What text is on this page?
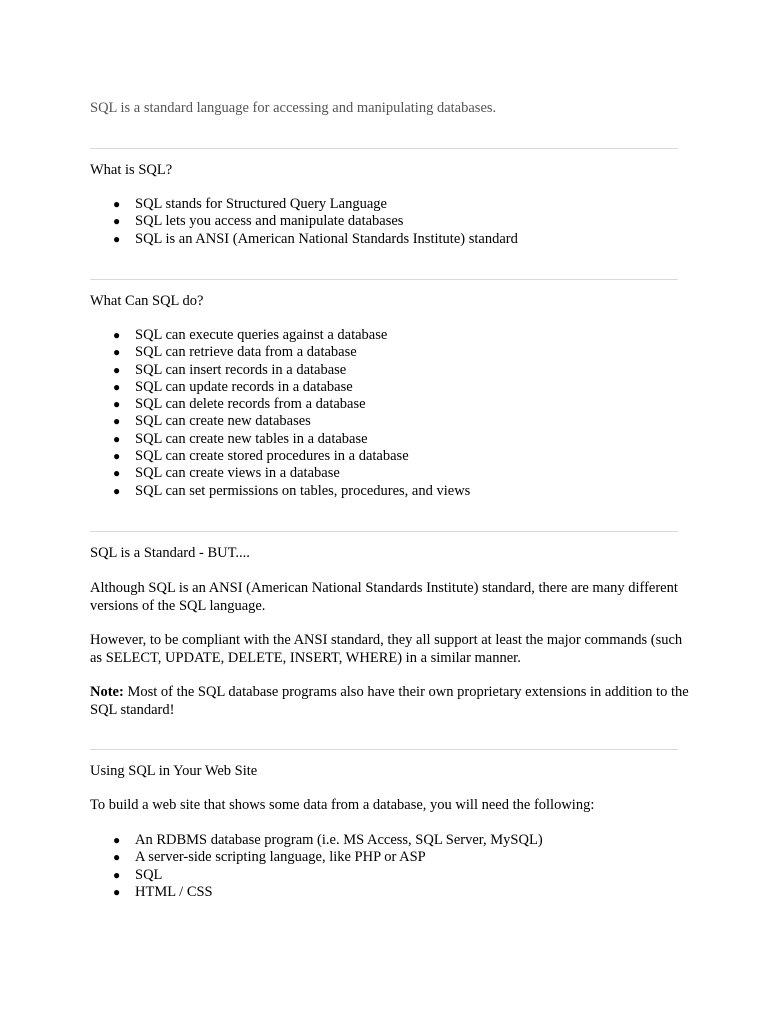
SQL is a standard language for accessing and manipulating databases.

What is SQL?
● SQL stands for Structured Query Language
● SQL lets you access and manipulate databases
● SQL is an ANSI (American National Standards Institute) standard
What Can SQL do?
● SQL can execute queries against a database
● SQL can retrieve data from a database
● SQL can insert records in a database
● SQL can update records in a database
● SQL can delete records from a database
● SQL can create new databases
● SQL can create new tables in a database
● SQL can create stored procedures in a database
● SQL can create views in a database
● SQL can set permissions on tables, procedures, and views
SQL is a Standard - BUT....

Although SQL is an ANSI (American National Standards Institute) standard, there are many different versions of the SQL language.

However, to be compliant with the ANSI standard, they all support at least the major commands (such as SELECT, UPDATE, DELETE, INSERT, WHERE) in a similar manner.

Note: Most of the SQL database programs also have their own proprietary extensions in addition to the SQL standard!

Using SQL in Your Web Site

To build a web site that shows some data from a database, you will need the following:

● An RDBMS database program (i.e. MS Access, SQL Server, MySQL)
● A server-side scripting language, like PHP or ASP
● SQL
● HTML / CSS
